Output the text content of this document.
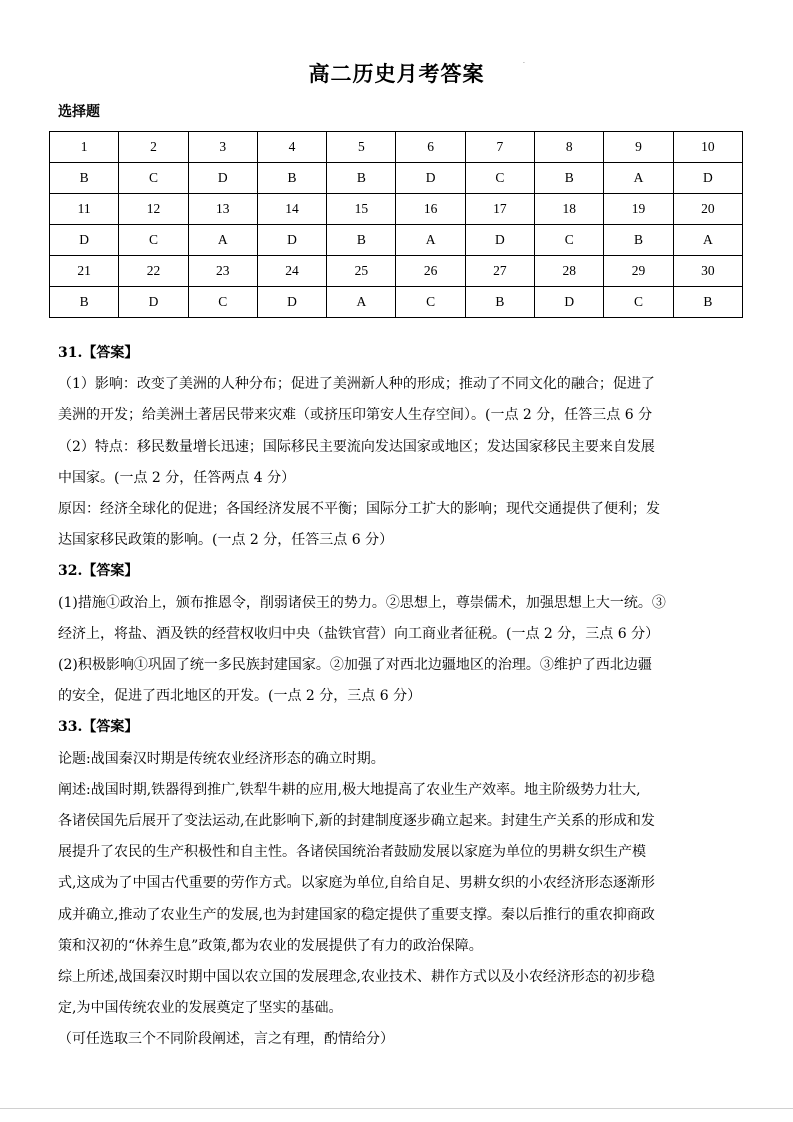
高二历史月考答案	·
选择题
1	2	3	4	5	6	7	8	9	10
B	C	D	B	B	D	C	B	A	D
11	12	13	14	15	16	17	18	19	20
D	C	A	D	B	A	D	C	B	A
21	22	23	24	25	26	27	28	29	30
B	D	C	D	A	C	B	D	C	B

31.【答案】

（1）影响：改变了美洲的人种分布；促进了美洲新人种的形成；推动了不同文化的融合；促进了

美洲的开发；给美洲土著居民带来灾难（或挤压印第安人生存空间）。(一点 2 分，任答三点 6 分

（2）特点：移民数量增长迅速；国际移民主要流向发达国家或地区；发达国家移民主要来自发展

中国家。(一点 2 分，任答两点 4 分）

原因：经济全球化的促进；各国经济发展不平衡；国际分工扩大的影响；现代交通提供了便利；发

达国家移民政策的影响。(一点 2 分，任答三点 6 分）

32.【答案】

(1)措施①政治上，颁布推恩令，削弱诸侯王的势力。②思想上，尊崇儒术，加强思想上大一统。③

经济上，将盐、酒及铁的经营权收归中央（盐铁官营）向工商业者征税。(一点 2 分，三点 6 分）

(2)积极影响①巩固了统一多民族封建国家。②加强了对西北边疆地区的治理。③维护了西北边疆

的安全，促进了西北地区的开发。(一点 2 分，三点 6 分）

33.【答案】

论题:战国秦汉时期是传统农业经济形态的确立时期。

阐述:战国时期,铁器得到推广,铁犁牛耕的应用,极大地提高了农业生产效率。地主阶级势力壮大,

各诸侯国先后展开了变法运动,在此影响下,新的封建制度逐步确立起来。封建生产关系的形成和发

展提升了农民的生产积极性和自主性。各诸侯国统治者鼓励发展以家庭为单位的男耕女织生产模

式,这成为了中国古代重要的劳作方式。以家庭为单位,自给自足、男耕女织的小农经济形态逐渐形

成并确立,推动了农业生产的发展,也为封建国家的稳定提供了重要支撑。秦以后推行的重农抑商政

策和汉初的“休养生息”政策,都为农业的发展提供了有力的政治保障。

综上所述,战国秦汉时期中国以农立国的发展理念,农业技术、耕作方式以及小农经济形态的初步稳

定,为中国传统农业的发展奠定了坚实的基础。

（可任选取三个不同阶段阐述，言之有理，酌情给分）
